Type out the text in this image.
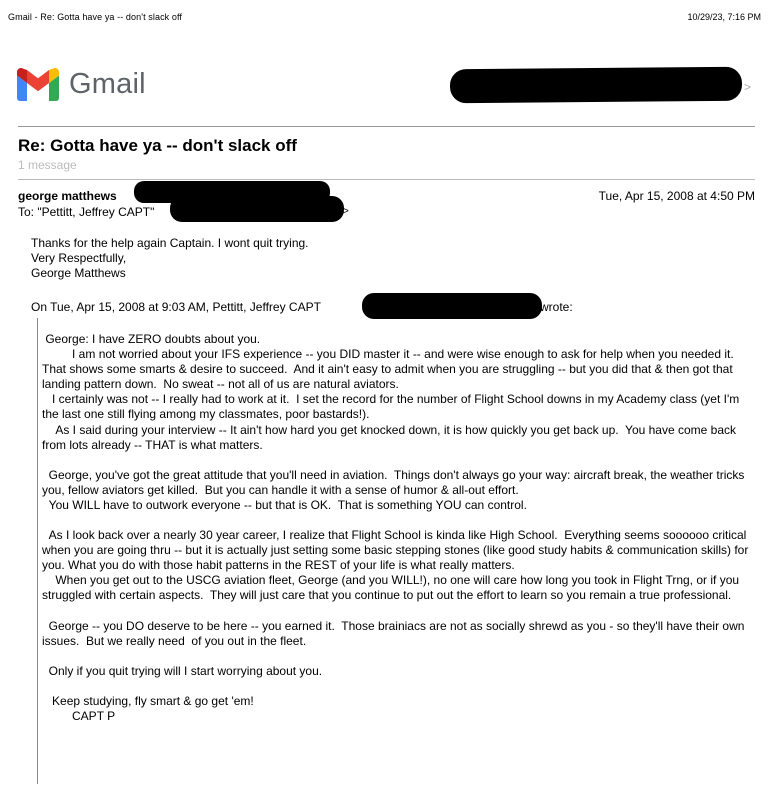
Gmail - Re: Gotta have ya -- don't slack off	10/29/23, 7:16 PM
Gmail	>
Re: Gotta have ya -- don't slack off
1 message
george matthews	Tue, Apr 15, 2008 at 4:50 PM
To: "Pettitt, Jeffrey CAPT"	>
Thanks for the help again Captain. I wont quit trying.
Very Respectfully,
George Matthews
On Tue, Apr 15, 2008 at 9:03 AM, Pettitt, Jeffrey CAPT	wrote:

George: I have ZERO doubts about you.

I am not worried about your IFS experience -- you DID master it -- and were wise enough to ask for help when you needed it.  That shows some smarts & desire to succeed.  And it ain't easy to admit when you are struggling -- but you did that & then got that landing pattern down.  No sweat -- not all of us are natural aviators.

I certainly was not -- I really had to work at it.  I set the record for the number of Flight School downs in my Academy class (yet I'm the last one still flying among my classmates, poor bastards!).

As I said during your interview -- It ain't how hard you get knocked down, it is how quickly you get back up.  You have come back from lots already -- THAT is what matters.

George, you've got the great attitude that you'll need in aviation.  Things don't always go your way: aircraft break, the weather tricks you, fellow aviators get killed.  But you can handle it with a sense of humor & all-out effort.

You WILL have to outwork everyone -- but that is OK.  That is something YOU can control.

As I look back over a nearly 30 year career, I realize that Flight School is kinda like High School.  Everything seems soooooo critical when you are going thru -- but it is actually just setting some basic stepping stones (like good study habits & communication skills) for you. What you do with those habit patterns in the REST of your life is what really matters.

When you get out to the USCG aviation fleet, George (and you WILL!), no one will care how long you took in Flight Trng, or if you struggled with certain aspects.  They will just care that you continue to put out the effort to learn so you remain a true professional.

George -- you DO deserve to be here -- you earned it.  Those brainiacs are not as socially shrewd as you - so they'll have their own issues.  But we really need  of you out in the fleet.

Only if you quit trying will I start worrying about you.

Keep studying, fly smart & go get 'em!

CAPT P
